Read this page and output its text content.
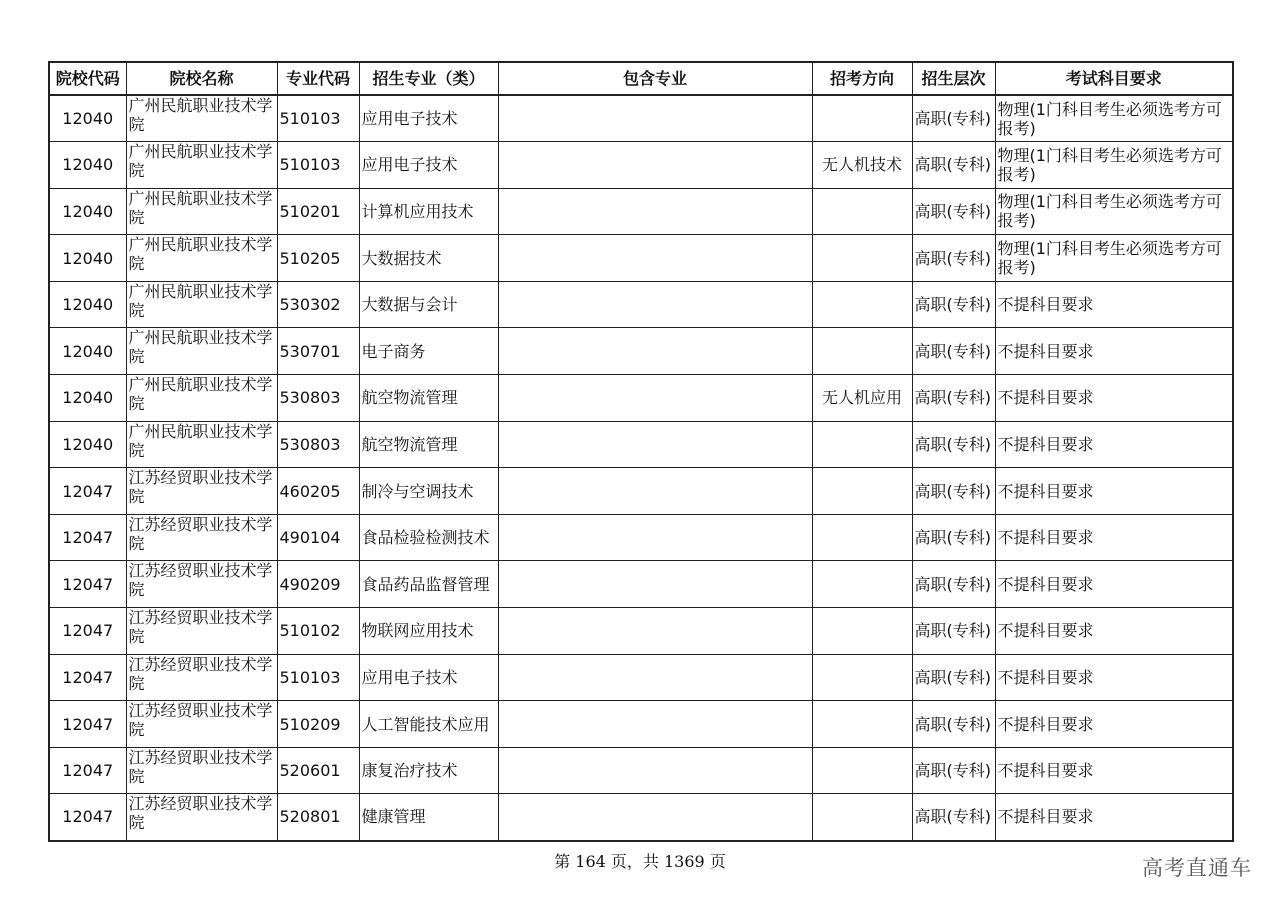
院校代码	院校名称	专业代码	招生专业（类）	包含专业	招考方向	招生层次	考试科目要求
12040	广州民航职业技术学院	510103	应用电子技术			高职(专科)	物理(1门科目考生必须选考方可报考)
12040	广州民航职业技术学院	510103	应用电子技术		无人机技术	高职(专科)	物理(1门科目考生必须选考方可报考)
12040	广州民航职业技术学院	510201	计算机应用技术			高职(专科)	物理(1门科目考生必须选考方可报考)
12040	广州民航职业技术学院	510205	大数据技术			高职(专科)	物理(1门科目考生必须选考方可报考)
12040	广州民航职业技术学院	530302	大数据与会计			高职(专科)	不提科目要求
12040	广州民航职业技术学院	530701	电子商务			高职(专科)	不提科目要求
12040	广州民航职业技术学院	530803	航空物流管理		无人机应用	高职(专科)	不提科目要求
12040	广州民航职业技术学院	530803	航空物流管理			高职(专科)	不提科目要求
12047	江苏经贸职业技术学院	460205	制冷与空调技术			高职(专科)	不提科目要求
12047	江苏经贸职业技术学院	490104	食品检验检测技术			高职(专科)	不提科目要求
12047	江苏经贸职业技术学院	490209	食品药品监督管理			高职(专科)	不提科目要求
12047	江苏经贸职业技术学院	510102	物联网应用技术			高职(专科)	不提科目要求
12047	江苏经贸职业技术学院	510103	应用电子技术			高职(专科)	不提科目要求
12047	江苏经贸职业技术学院	510209	人工智能技术应用			高职(专科)	不提科目要求
12047	江苏经贸职业技术学院	520601	康复治疗技术			高职(专科)	不提科目要求
12047	江苏经贸职业技术学院	520801	健康管理			高职(专科)	不提科目要求
第 164 页，共 1369 页	高考直通车
